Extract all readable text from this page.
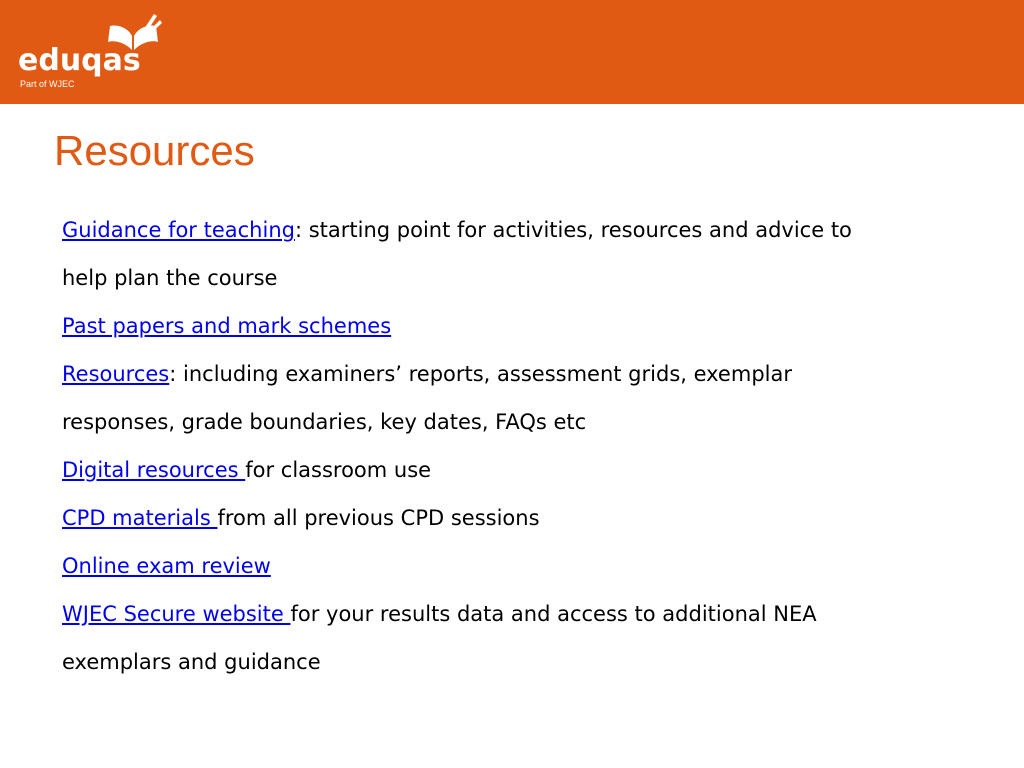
eduqas
Part of WJEC
Resources
Guidance for teaching: starting point for activities, resources and advice to
help plan the course
Past papers and mark schemes
Resources: including examiners’ reports, assessment grids, exemplar
responses, grade boundaries, key dates, FAQs etc
Digital resources for classroom use
CPD materials from all previous CPD sessions
Online exam review
WJEC Secure website for your results data and access to additional NEA
exemplars and guidance
